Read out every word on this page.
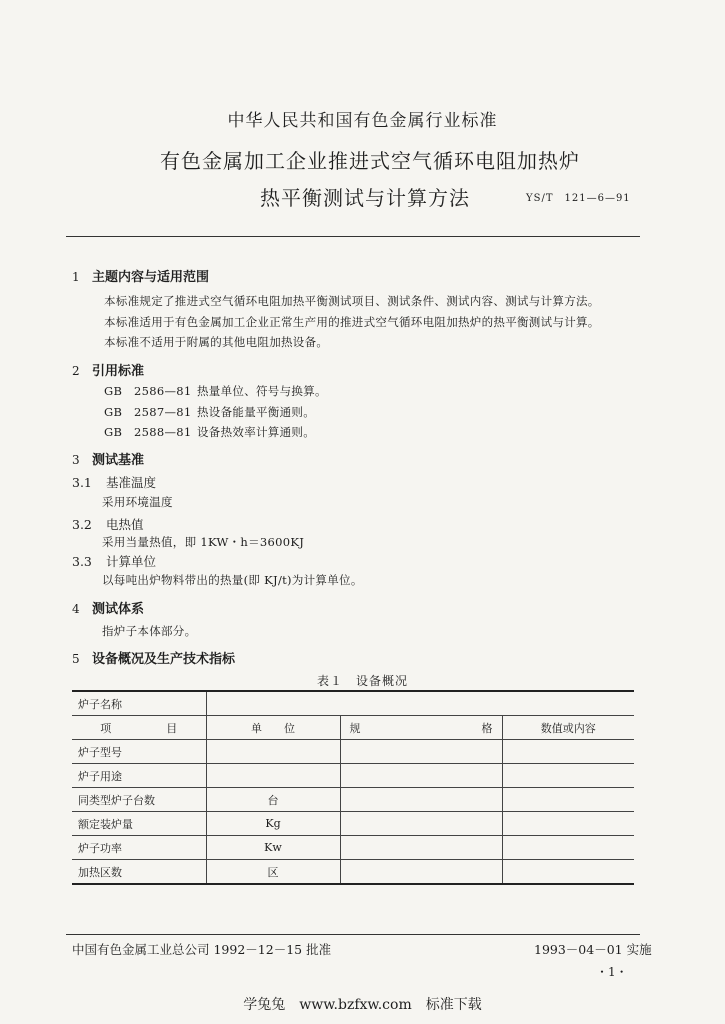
中华人民共和国有色金属行业标准
有色金属加工企业推进式空气循环电阻加热炉
热平衡测试与计算方法	YS/T　121—6—91
1 主题内容与适用范围
本标准规定了推进式空气循环电阻加热平衡测试项目、测试条件、测试内容、测试与计算方法。
本标准适用于有色金属加工企业正常生产用的推进式空气循环电阻加热炉的热平衡测试与计算。
本标准不适用于附属的其他电阻加热设备。
2 引用标准
GB　2586—81 热量单位、符号与换算。
GB　2587—81 热设备能量平衡通则。
GB　2588—81 设备热效率计算通则。
3 测试基准
3.1 基准温度
采用环境温度
3.2 电热值
采用当量热值，即 1KW・h＝3600KJ
3.3 计算单位
以每吨出炉物料带出的热量(即 KJ/t)为计算单位。
4 测试体系
指炉子本体部分。
5 设备概况及生产技术指标
表１　设备概况
炉子名称			
项　　　　　目	单　　位	规　　　　　　　　　　　格	数值或内容
炉子型号			
炉子用途			
同类型炉子台数	台		
额定装炉量	Kg		
炉子功率	Kw		
加热区数	区		
中国有色金属工业总公司 1992－12－15 批准	1993－04－01 实施
・1・
学兔兔　www.bzfxw.com　标准下载
